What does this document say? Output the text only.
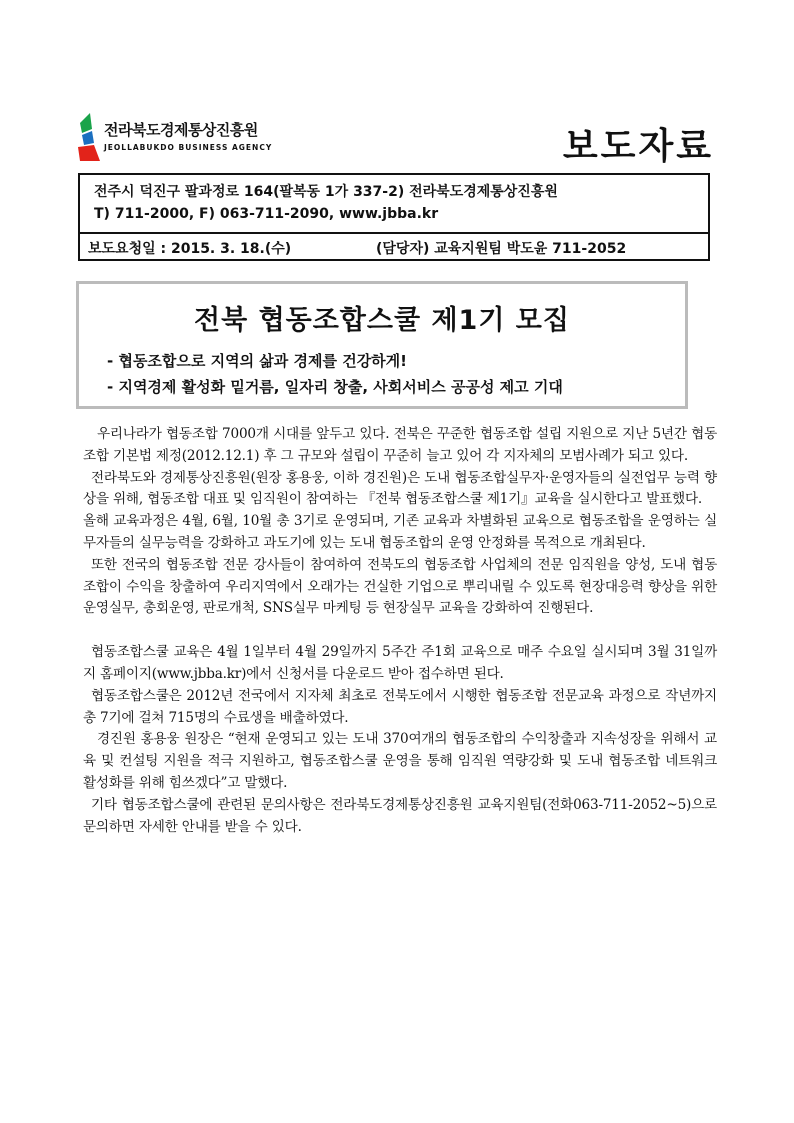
전라북도경제통상진흥원
JEOLLABUKDO BUSINESS AGENCY	보도자료
전주시 덕진구 팔과정로 164(팔복동 1가 337-2) 전라북도경제통상진흥원
T) 711-2000, F) 063-711-2090, www.jbba.kr
보도요청일 : 2015. 3. 18.(수)	(담당자) 교육지원팀 박도윤 711-2052
전북 협동조합스쿨 제1기 모집
- 협동조합으로 지역의 삶과 경제를 건강하게!
- 지역경제 활성화 밑거름, 일자리 창출, 사회서비스 공공성 제고 기대

우리나라가 협동조합 7000개 시대를 앞두고 있다. 전북은 꾸준한 협동조합 설립 지원으로 지난 5년간 협동조합 기본법 제정(2012.12.1) 후 그 규모와 설립이 꾸준히 늘고 있어 각 지자체의 모범사례가 되고 있다.

전라북도와 경제통상진흥원(원장 홍용웅, 이하 경진원)은 도내 협동조합실무자·운영자들의 실전업무 능력 향상을 위해, 협동조합 대표 및 임직원이 참여하는 『전북 협동조합스쿨 제1기』교육을 실시한다고 발표했다.

올해 교육과정은 4월, 6월, 10월 총 3기로 운영되며, 기존 교육과 차별화된 교육으로 협동조합을 운영하는 실무자들의 실무능력을 강화하고 과도기에 있는 도내 협동조합의 운영 안정화를 목적으로 개최된다.

또한 전국의 협동조합 전문 강사들이 참여하여 전북도의 협동조합 사업체의 전문 임직원을 양성, 도내 협동조합이 수익을 창출하여 우리지역에서 오래가는 건실한 기업으로 뿌리내릴 수 있도록 현장대응력 향상을 위한 운영실무, 총회운영, 판로개척, SNS실무 마케팅 등 현장실무 교육을 강화하여 진행된다.

협동조합스쿨 교육은 4월 1일부터 4월 29일까지 5주간 주1회 교육으로 매주 수요일 실시되며 3월 31일까지 홈페이지(www.jbba.kr)에서 신청서를 다운로드 받아 접수하면 된다.

협동조합스쿨은 2012년 전국에서 지자체 최초로 전북도에서 시행한 협동조합 전문교육 과정으로 작년까지 총 7기에 걸쳐 715명의 수료생을 배출하였다.

경진원 홍용웅 원장은 “현재 운영되고 있는 도내 370여개의 협동조합의 수익창출과 지속성장을 위해서 교육 및 컨설팅 지원을 적극 지원하고, 협동조합스쿨 운영을 통해 임직원 역량강화 및 도내 협동조합 네트워크 활성화를 위해 힘쓰겠다”고 말했다.

기타 협동조합스쿨에 관련된 문의사항은 전라북도경제통상진흥원 교육지원팀(전화063-711-2052~5)으로 문의하면 자세한 안내를 받을 수 있다.
